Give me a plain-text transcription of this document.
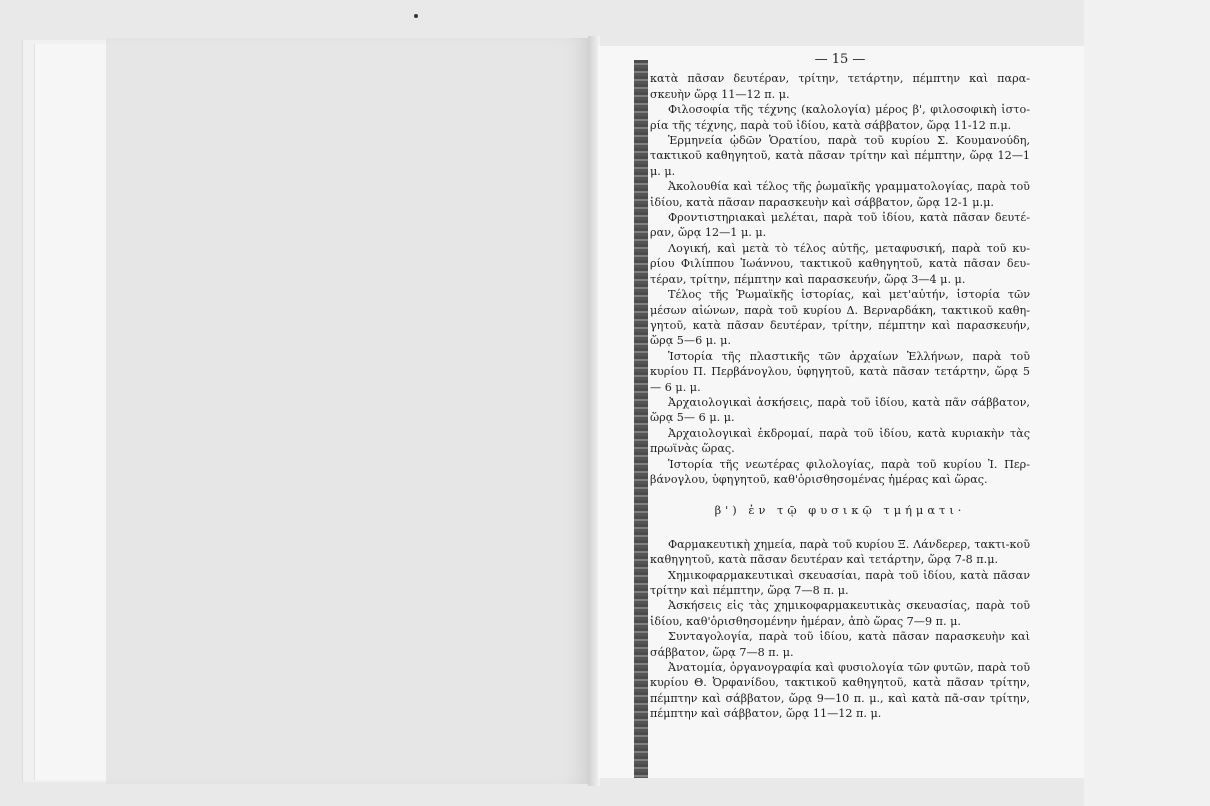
— 15 —

κατὰ πᾶσαν δευτέραν, τρίτην, τετάρτην, πέμπτην καὶ παρα-σκευὴν ὥρᾳ 11—12 π. μ.

Φιλοσοφία τῆς τέχνης (καλολογία) μέρος β', φιλοσοφικὴ ἱστο-ρία τῆς τέχνης, παρὰ τοῦ ἰδίου, κατὰ σάββατον, ὥρᾳ 11-12 π.μ.

Ἑρμηνεία ᾠδῶν Ὁρατίου, παρὰ τοῦ κυρίου Σ. Κουμανούδη, τακτικοῦ καθηγητοῦ, κατὰ πᾶσαν τρίτην καὶ πέμπτην, ὥρᾳ 12—1 μ. μ.

Ἀκολουθία καὶ τέλος τῆς ῥωμαϊκῆς γραμματολογίας, παρὰ τοῦ ἰδίου, κατὰ πᾶσαν παρασκευὴν καὶ σάββατον, ὥρᾳ 12-1 μ.μ.

Φροντιστηριακαὶ μελέται, παρὰ τοῦ ἰδίου, κατὰ πᾶσαν δευτέ-ραν, ὥρᾳ 12—1 μ. μ.

Λογική, καὶ μετὰ τὸ τέλος αὐτῆς, μεταφυσική, παρὰ τοῦ κυ-ρίου Φιλίππου Ἰωάννου, τακτικοῦ καθηγητοῦ, κατὰ πᾶσαν δευ-τέραν, τρίτην, πέμπτην καὶ παρασκευήν, ὥρᾳ 3—4 μ. μ.

Τέλος τῆς Ῥωμαϊκῆς ἱστορίας, καὶ μετ'αὐτήν, ἱστορία τῶν μέσων αἰώνων, παρὰ τοῦ κυρίου Δ. Βερναρδάκη, τακτικοῦ καθη-γητοῦ, κατὰ πᾶσαν δευτέραν, τρίτην, πέμπτην καὶ παρασκευήν, ὥρᾳ 5—6 μ. μ.

Ἱστορία τῆς πλαστικῆς τῶν ἀρχαίων Ἑλλήνων, παρὰ τοῦ κυρίου Π. Περβάνογλου, ὑφηγητοῦ, κατὰ πᾶσαν τετάρτην, ὥρᾳ 5— 6 μ. μ.

Ἀρχαιολογικαὶ ἀσκήσεις, παρὰ τοῦ ἰδίου, κατὰ πᾶν σάββατον, ὥρᾳ 5— 6 μ. μ.

Ἀρχαιολογικαὶ ἐκδρομαί, παρὰ τοῦ ἰδίου, κατὰ κυριακὴν τὰς πρωϊνὰς ὥρας.

Ἱστορία τῆς νεωτέρας φιλολογίας, παρὰ τοῦ κυρίου Ἰ. Περ-βάνογλου, ὑφηγητοῦ, καθ'ὁρισθησομένας ἡμέρας καὶ ὥρας.

β') ἐν τῷ φυσικῷ τμήματι·

Φαρμακευτικὴ χημεία, παρὰ τοῦ κυρίου Ξ. Λάνδερερ, τακτι-κοῦ καθηγητοῦ, κατὰ πᾶσαν δευτέραν καὶ τετάρτην, ὥρᾳ 7-8 π.μ.

Χημικοφαρμακευτικαὶ σκευασίαι, παρὰ τοῦ ἰδίου, κατὰ πᾶσαν τρίτην καὶ πέμπτην, ὥρᾳ 7—8 π. μ.

Ἀσκήσεις εἰς τὰς χημικοφαρμακευτικὰς σκευασίας, παρὰ τοῦ ἰδίου, καθ'ὁρισθησομένην ἡμέραν, ἀπὸ ὥρας 7—9 π. μ.

Συνταγολογία, παρὰ τοῦ ἰδίου, κατὰ πᾶσαν παρασκευὴν καὶ σάββατον, ὥρᾳ 7—8 π. μ.

Ἀνατομία, ὀργανογραφία καὶ φυσιολογία τῶν φυτῶν, παρὰ τοῦ κυρίου Θ. Ὀρφανίδου, τακτικοῦ καθηγητοῦ, κατὰ πᾶσαν τρίτην, πέμπτην καὶ σάββατον, ὥρᾳ 9—10 π. μ., καὶ κατὰ πᾶ-σαν τρίτην, πέμπτην καὶ σάββατον, ὥρᾳ 11—12 π. μ.
